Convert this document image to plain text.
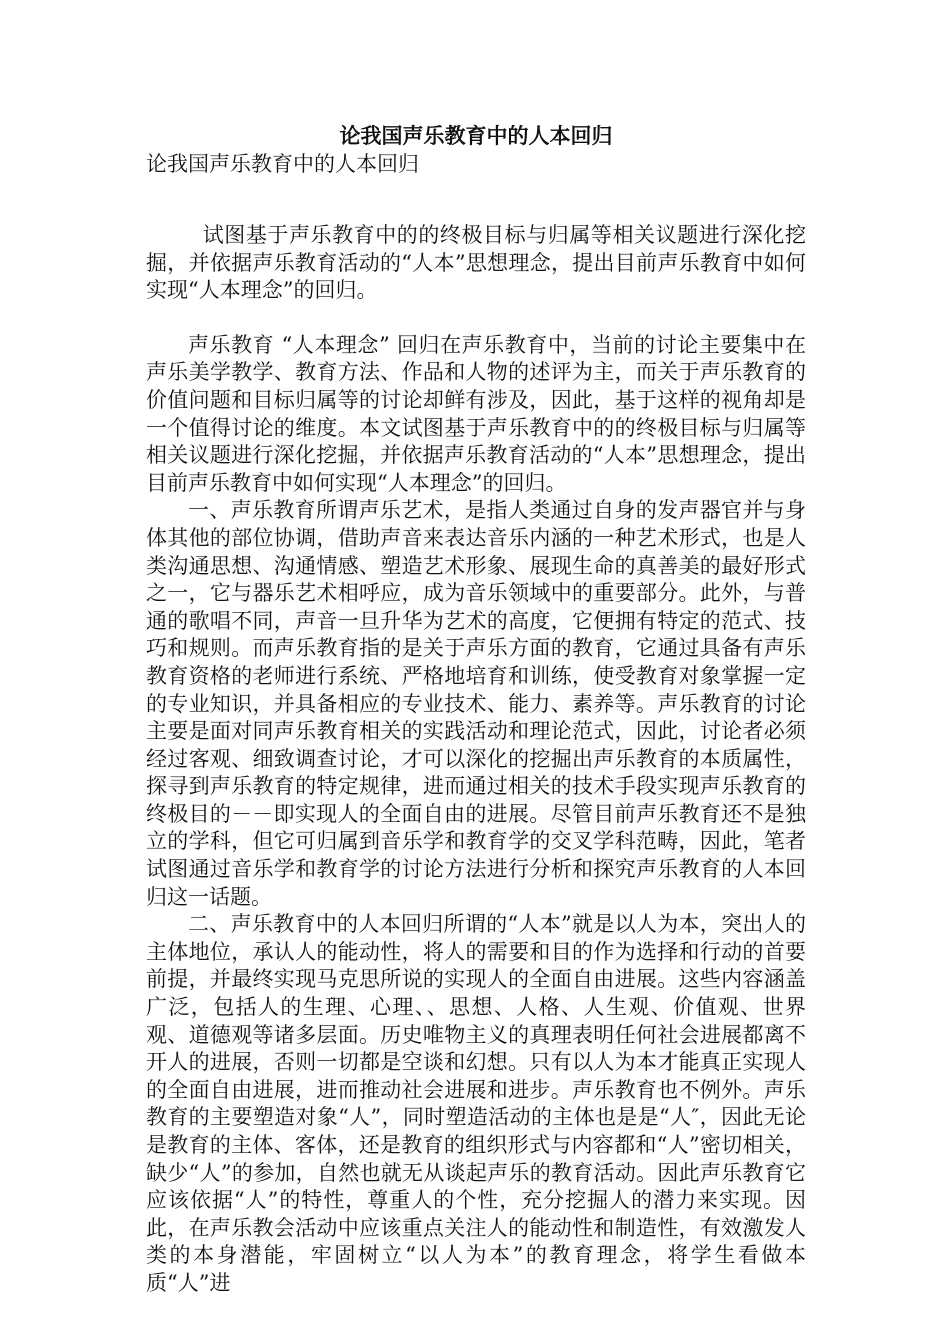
论我国声乐教育中的人本回归
论我国声乐教育中的人本回归

试图基于声乐教育中的的终极目标与归属等相关议题进行深化挖掘，并依据声乐教育活动的“人本”思想理念，提出目前声乐教育中如何实现“人本理念”的回归。

声乐教育 “人本理念” 回归在声乐教育中，当前的讨论主要集中在声乐美学教学、教育方法、作品和人物的述评为主，而关于声乐教育的价值问题和目标归属等的讨论却鲜有涉及，因此，基于这样的视角却是一个值得讨论的维度。本文试图基于声乐教育中的的终极目标与归属等相关议题进行深化挖掘，并依据声乐教育活动的“人本”思想理念，提出目前声乐教育中如何实现“人本理念”的回归。

一、声乐教育所谓声乐艺术，是指人类通过自身的发声器官并与身体其他的部位协调，借助声音来表达音乐内涵的一种艺术形式，也是人类沟通思想、沟通情感、塑造艺术形象、展现生命的真善美的最好形式之一，它与器乐艺术相呼应，成为音乐领域中的重要部分。此外，与普通的歌唱不同，声音一旦升华为艺术的高度，它便拥有特定的范式、技巧和规则。而声乐教育指的是关于声乐方面的教育，它通过具备有声乐教育资格的老师进行系统、严格地培育和训练，使受教育对象掌握一定的专业知识，并具备相应的专业技术、能力、素养等。声乐教育的讨论主要是面对同声乐教育相关的实践活动和理论范式，因此，讨论者必须经过客观、细致调查讨论，才可以深化的挖掘出声乐教育的本质属性，探寻到声乐教育的特定规律，进而通过相关的技术手段实现声乐教育的终极目的－－即实现人的全面自由的进展。尽管目前声乐教育还不是独立的学科，但它可归属到音乐学和教育学的交叉学科范畴，因此，笔者试图通过音乐学和教育学的讨论方法进行分析和探究声乐教育的人本回归这一话题。

二、声乐教育中的人本回归所谓的“人本”就是以人为本，突出人的主体地位，承认人的能动性，将人的需要和目的作为选择和行动的首要前提，并最终实现马克思所说的实现人的全面自由进展。这些内容涵盖广泛，包括人的生理、心理、、思想、人格、人生观、价值观、世界观、道德观等诸多层面。历史唯物主义的真理表明任何社会进展都离不开人的进展，否则一切都是空谈和幻想。只有以人为本才能真正实现人的全面自由进展，进而推动社会进展和进步。声乐教育也不例外。声乐教育的主要塑造对象“人”，同时塑造活动的主体也是是“人″，因此无论是教育的主体、客体，还是教育的组织形式与内容都和“人”密切相关，缺少“人”的参加，自然也就无从谈起声乐的教育活动。因此声乐教育它应该依据“人”的特性，尊重人的个性，充分挖掘人的潜力来实现。因此，在声乐教会活动中应该重点关注人的能动性和制造性，有效激发人类的本身潜能，牢固树立“以人为本”的教育理念，将学生看做本质“人”进
